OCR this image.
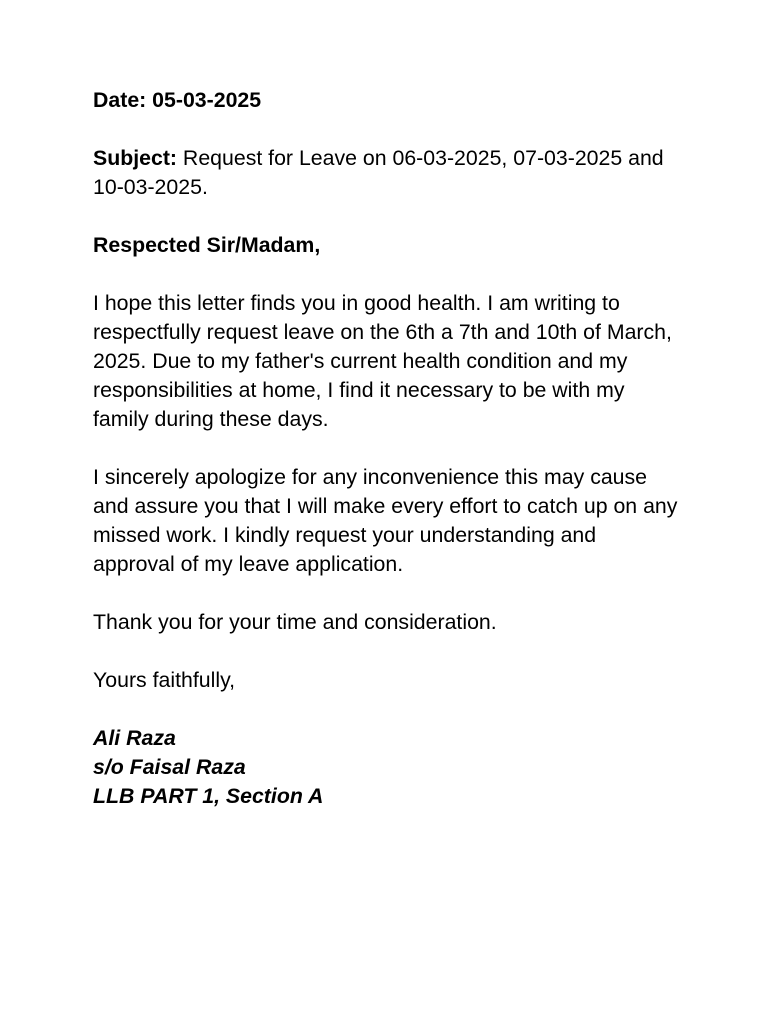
Date: 05-03-2025
Subject: Request for Leave on 06-03-2025, 07-03-2025 and 10-03-2025.
Respected Sir/Madam,
I hope this letter finds you in good health. I am writing to respectfully request leave on the 6th a 7th and 10th of March, 2025. Due to my father's current health condition and my responsibilities at home, I find it necessary to be with my family during these days.
I sincerely apologize for any inconvenience this may cause and assure you that I will make every effort to catch up on any missed work. I kindly request your understanding and approval of my leave application.
Thank you for your time and consideration.
Yours faithfully,
Ali Raza
s/o Faisal Raza
LLB PART 1, Section A
